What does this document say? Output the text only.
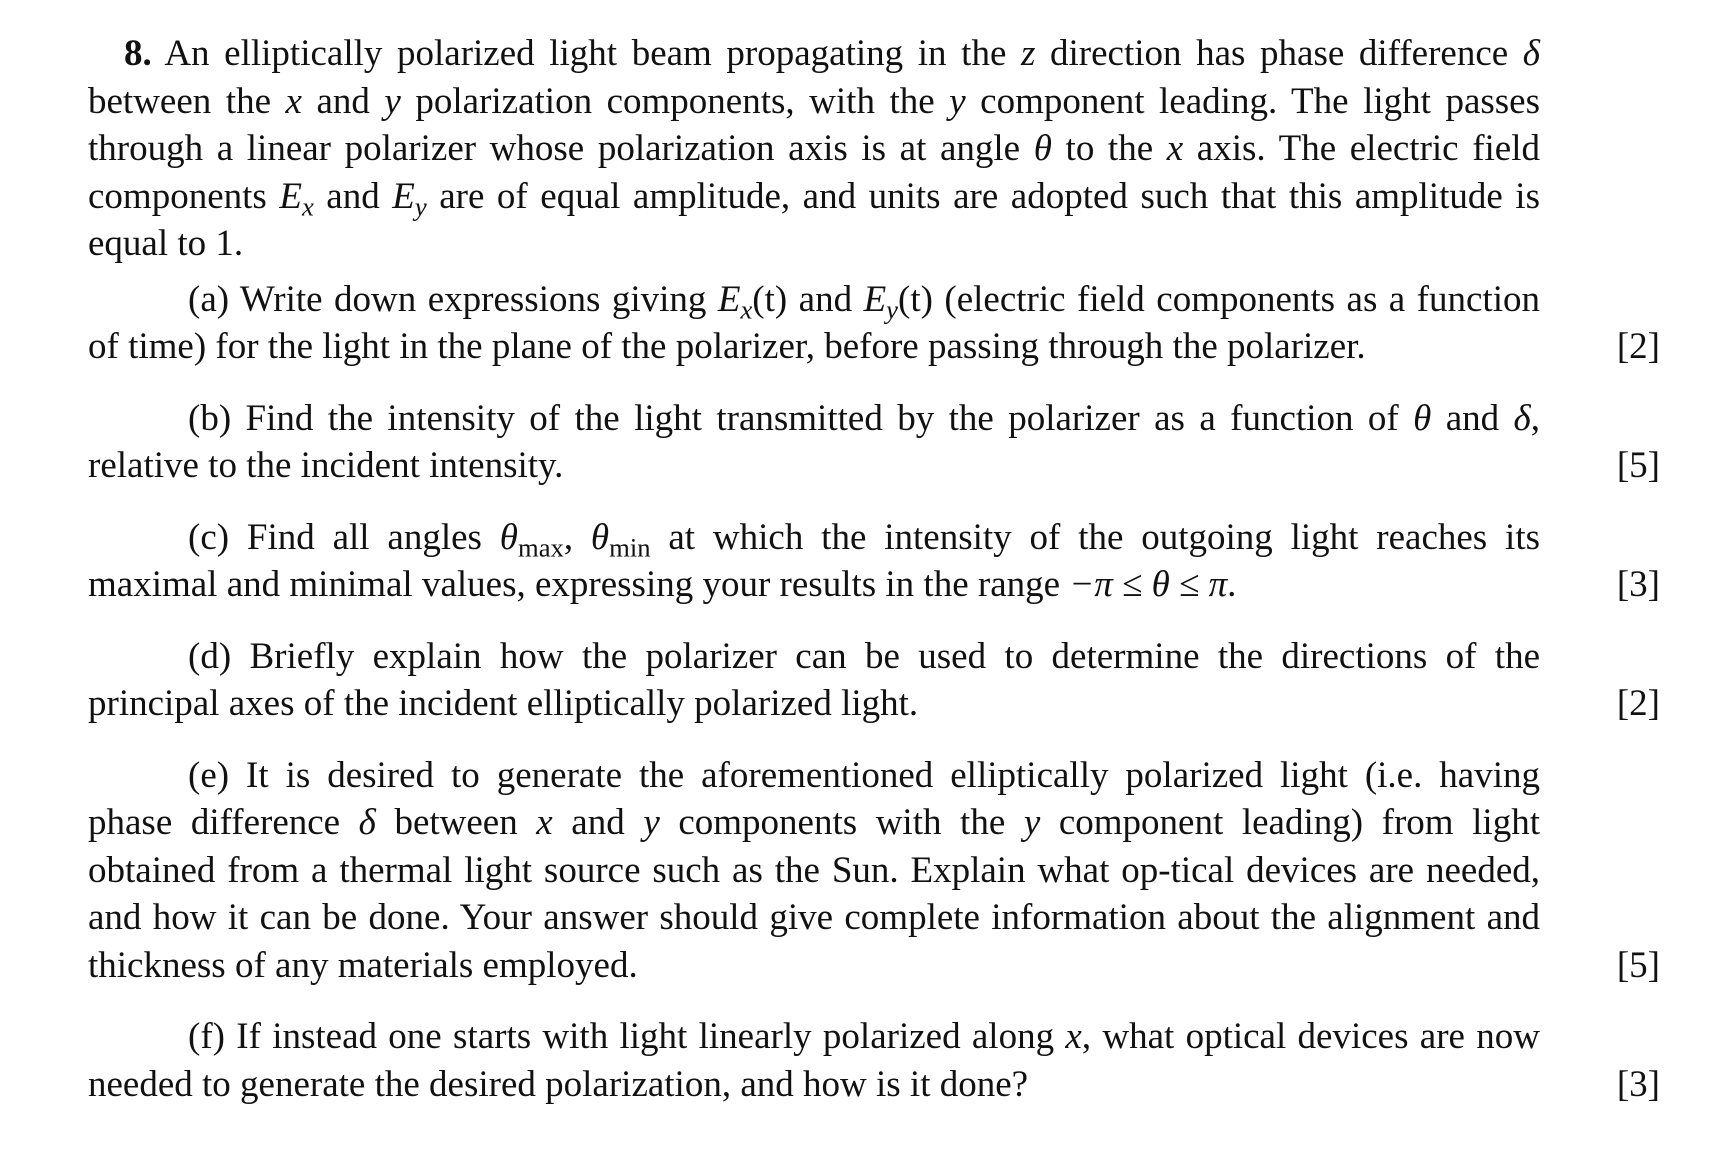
8. An elliptically polarized light beam propagating in the z direction has phase difference δ between the x and y polarization components, with the y component leading. The light passes through a linear polarizer whose polarization axis is at angle θ to the x axis. The electric field components $E_x$ and $E_y$ are of equal amplitude, and units are adopted such that this amplitude is equal to 1.

(a) Write down expressions giving $E_x(t)$ and $E_y(t)$ (electric field components as a function of time) for the light in the plane of the polarizer, before passing through the polarizer.	[2]

(b) Find the intensity of the light transmitted by the polarizer as a function of θ and δ, relative to the incident intensity.	[5]

(c) Find all angles $\theta_{max}$, $\theta_{min}$ at which the intensity of the outgoing light reaches its maximal and minimal values, expressing your results in the range −π ≤ θ ≤ π.	[3]

(d) Briefly explain how the polarizer can be used to determine the directions of the principal axes of the incident elliptically polarized light.	[2]

(e) It is desired to generate the aforementioned elliptically polarized light (i.e. having phase difference δ between x and y components with the y component leading) from light obtained from a thermal light source such as the Sun. Explain what op-tical devices are needed, and how it can be done. Your answer should give complete information about the alignment and thickness of any materials employed.	[5]

(f) If instead one starts with light linearly polarized along x, what optical devices are now needed to generate the desired polarization, and how is it done?	[3]
